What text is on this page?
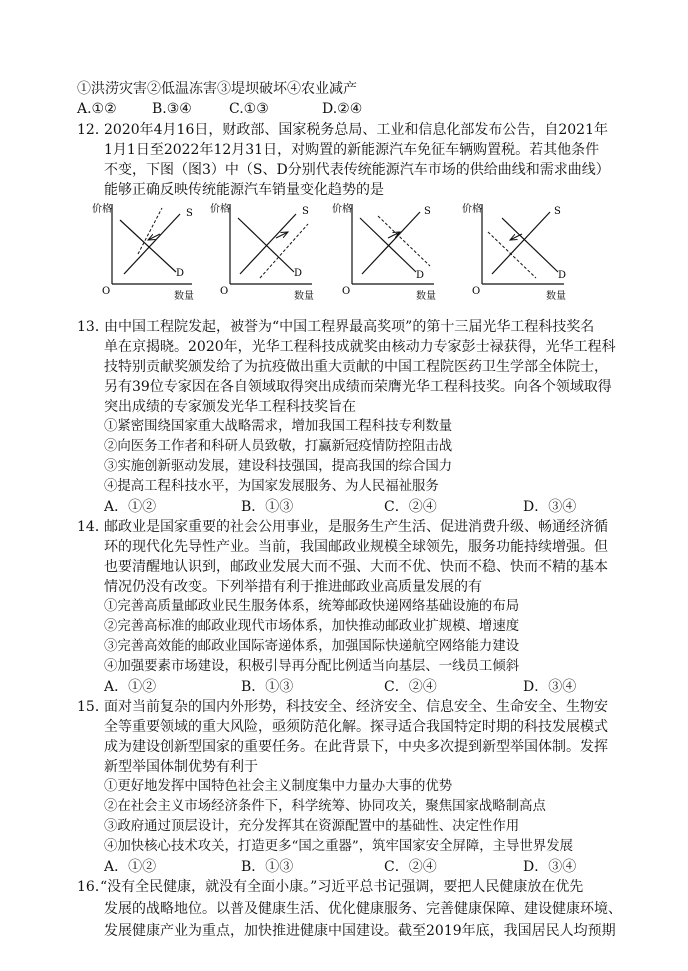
①洪涝灾害②低温冻害③堤坝破坏④农业减产
A.①②	B.③④	C.①③	D.②④
12．
2020年4月16日，财政部、国家税务总局、工业和信息化部发布公告，自2021年
1月1日至2022年12月31日，对购置的新能源汽车免征车辆购置税。若其他条件
不变，下图（图3）中（S、D分别代表传统能源汽车市场的供给曲线和需求曲线）
能够正确反映传统能源汽车销量变化趋势的是
价格
O	数量
S
D
价格
O	数量
S
D
价格
O	数量
S
D
价格
O	数量
S
D
13．
由中国工程院发起，被誉为“中国工程界最高奖项”的第十三届光华工程科技奖名
单在京揭晓。2020年，光华工程科技成就奖由核动力专家彭士禄获得，光华工程科
技特别贡献奖颁发给了为抗疫做出重大贡献的中国工程院医药卫生学部全体院士，
另有39位专家因在各自领域取得突出成绩而荣膺光华工程科技奖。向各个领域取得
突出成绩的专家颁发光华工程科技奖旨在
①紧密围绕国家重大战略需求，增加我国工程科技专利数量
②向医务工作者和科研人员致敬，打赢新冠疫情防控阻击战
③实施创新驱动发展，建设科技强国，提高我国的综合国力
④提高工程科技水平，为国家发展服务、为人民福祉服务
A．①②	B．①③	C．②④	D．③④
14．
邮政业是国家重要的社会公用事业，是服务生产生活、促进消费升级、畅通经济循
环的现代化先导性产业。当前，我国邮政业规模全球领先，服务功能持续增强。但
也要清醒地认识到，邮政业发展大而不强、大而不优、快而不稳、快而不精的基本
情况仍没有改变。下列举措有利于推进邮政业高质量发展的有
①完善高质量邮政业民生服务体系，统筹邮政快递网络基础设施的布局
②完善高标准的邮政业现代市场体系，加快推动邮政业扩规模、增速度
③完善高效能的邮政业国际寄递体系，加强国际快递航空网络能力建设
④加强要素市场建设，积极引导再分配比例适当向基层、一线员工倾斜
A．①②	B．①③	C．②④	D．③④
15．
面对当前复杂的国内外形势，科技安全、经济安全、信息安全、生命安全、生物安
全等重要领域的重大风险，亟须防范化解。探寻适合我国特定时期的科技发展模式
成为建设创新型国家的重要任务。在此背景下，中央多次提到新型举国体制。发挥
新型举国体制优势有利于
①更好地发挥中国特色社会主义制度集中力量办大事的优势
②在社会主义市场经济条件下，科学统筹、协同攻关，聚焦国家战略制高点
③政府通过顶层设计，充分发挥其在资源配置中的基础性、决定性作用
④加快核心技术攻关，打造更多“国之重器”，筑牢国家安全屏障，主导世界发展
A．①②	B．①③	C．②④	D．③④
16．
“没有全民健康，就没有全面小康。”习近平总书记强调，要把人民健康放在优先
发展的战略地位。以普及健康生活、优化健康服务、完善健康保障、建设健康环境、
发展健康产业为重点，加快推进健康中国建设。截至2019年底，我国居民人均预期
